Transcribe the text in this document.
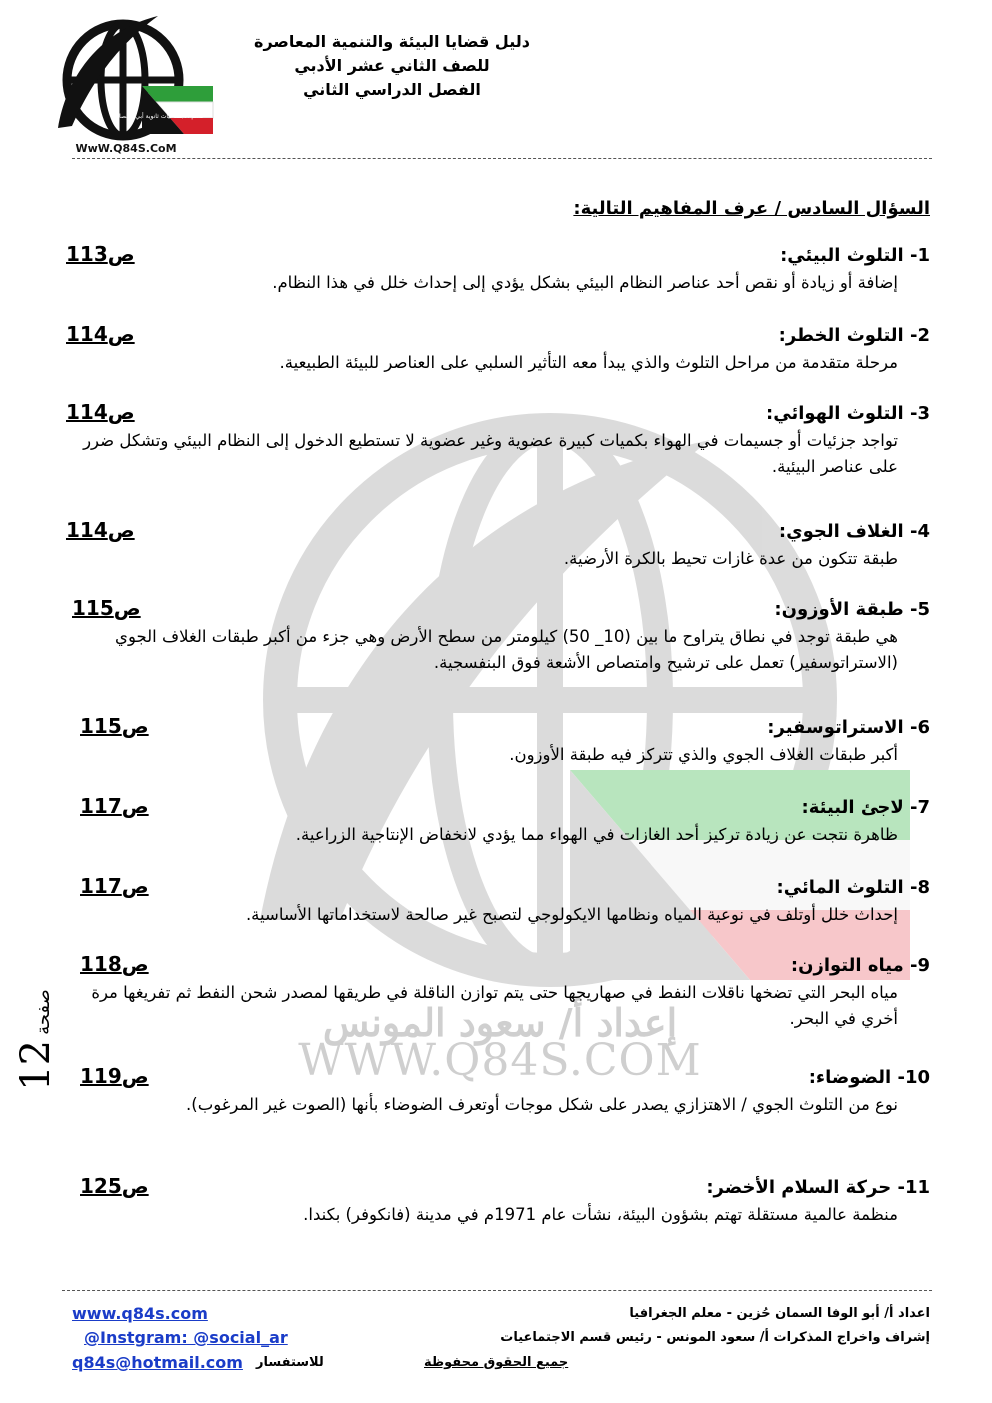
قسم الاجتماعيات ثانوية أبي الحصاني
WwW.Q84S.CoM
دليل قضايا البيئة والتنمية المعاصرة
للصف الثاني عشر الأدبي
الفصل الدراسي الثاني
إعداد أ/ سعود المونس
WWW.Q84S.COM
صفحة 12
السؤال السادس / عرف المفاهيم التالية:
1- التلوث البيئي:
إضافة أو زيادة أو نقص أحد عناصر النظام البيئي بشكل يؤدي إلى إحداث خلل في هذا النظام.
ص113
2- التلوث الخطر:
مرحلة متقدمة من مراحل التلوث والذي يبدأ معه التأثير السلبي على العناصر للبيئة الطبيعية.
ص114
3- التلوث الهوائي:
تواجد جزئيات أو جسيمات في الهواء بكميات كبيرة عضوية وغير عضوية لا تستطيع الدخول إلى النظام البيئي وتشكل ضرر على عناصر البيئية.
ص114
4- الغلاف الجوي:
طبقة تتكون من عدة غازات تحيط بالكرة الأرضية.
ص114
5- طبقة الأوزون:
هي طبقة توجد في نطاق يتراوح ما بين (10_ 50) كيلومتر من سطح الأرض وهي جزء من أكبر طبقات الغلاف الجوي (الاستراتوسفير) تعمل على ترشيح وامتصاص الأشعة فوق البنفسجية.
ص115
6- الاستراتوسفير:
أكبر طبقات الغلاف الجوي والذي تتركز فيه طبقة الأوزون.
ص115
7- لاجئ البيئة:
ظاهرة نتجت عن زيادة تركيز أحد الغازات في الهواء مما يؤدي لانخفاض الإنتاجية الزراعية.
ص117
8- التلوث المائي:
إحداث خلل أوتلف في نوعية المياه ونظامها الايكولوجي لتصبح غير صالحة لاستخداماتها الأساسية.
ص117
9- مياه التوازن:
مياه البحر التي تضخها ناقلات النفط في صهاريجها حتى يتم توازن الناقلة في طريقها لمصدر شحن النفط ثم تفريغها مرة أخري في البحر.
ص118
10- الضوضاء:
نوع من التلوث الجوي / الاهتزازي يصدر على شكل موجات أوتعرف الضوضاء بأنها (الصوت غير المرغوب).
ص119
11- حركة السلام الأخضر:
منظمة عالمية مستقلة تهتم بشؤون البيئة، نشأت عام 1971م في مدينة (فانكوفر) بكندا.
ص125
www.q84s.com
@Instgram: @social_ar
q84s@hotmail.com للاستفسار
اعداد أ/ أبو الوفا السمان حُزين - معلم الجغرافيا
إشراف واخراج المذكرات أ/ سعود المونس - رئيس قسم الاجتماعيات
جميع الحقوق محفوظة
